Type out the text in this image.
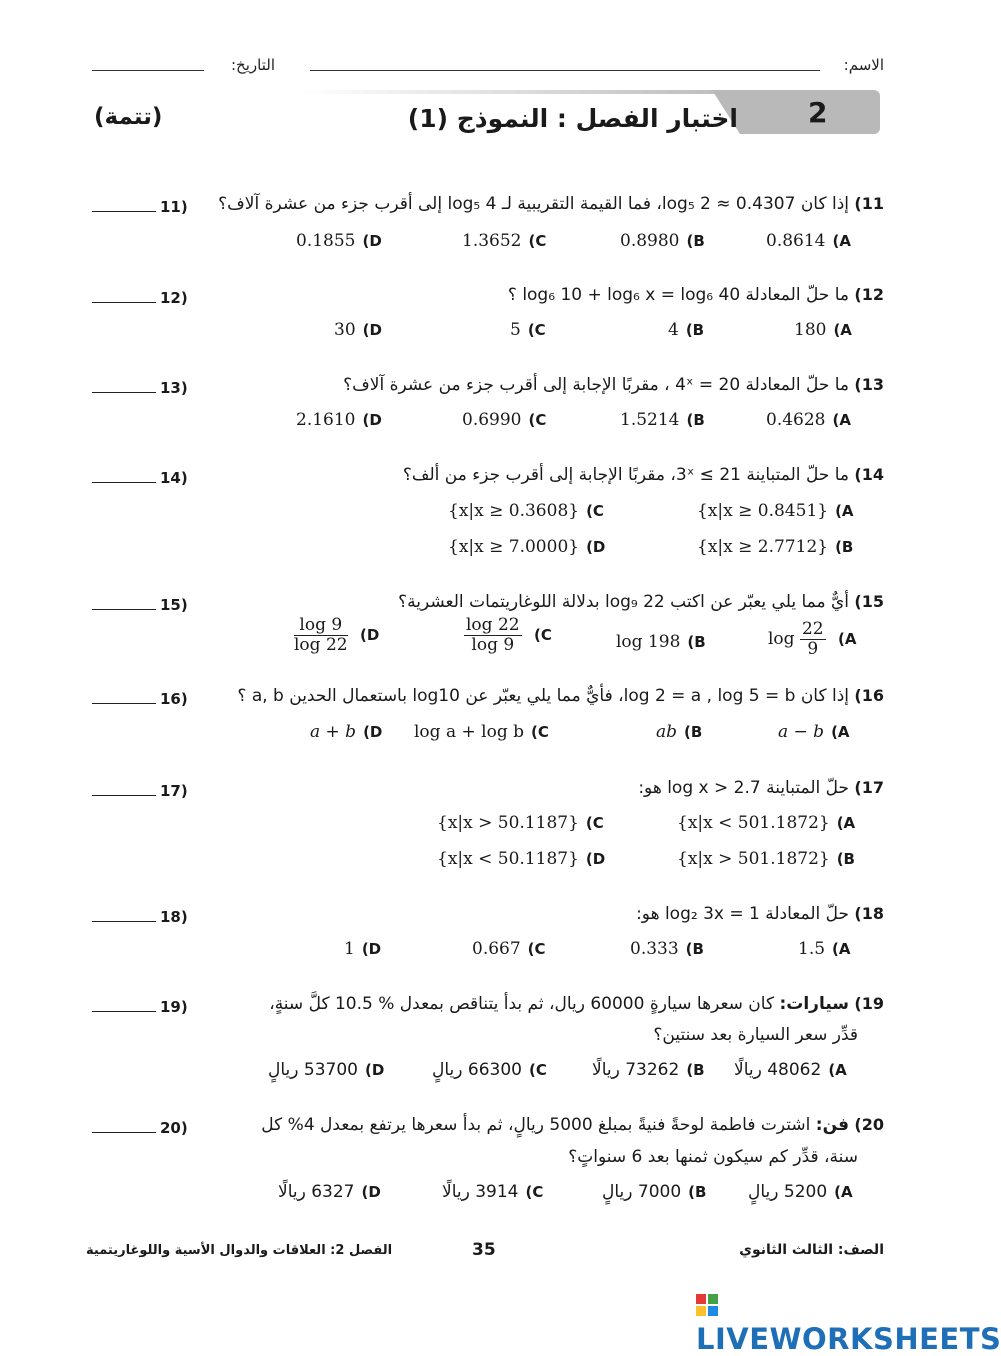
الاسم:
التاريخ:
2
اختبار الفصل : النموذج (1)
(تتمة)
11) إذا كان log₅ 2 ≈ 0.4307، فما القيمة التقريبية لـ log₅ 4 إلى أقرب جزء من عشرة آلاف؟
11)
0.8614 (A
0.8980 (B
1.3652 (C
0.1855 (D
12) ما حلّ المعادلة log₆ 10 + log₆ x = log₆ 40 ؟
12)
180 (A
4 (B
5 (C
30 (D
13) ما حلّ المعادلة 20 = 4ˣ ، مقربًا الإجابة إلى أقرب جزء من عشرة آلاف؟
13)
0.4628 (A
1.5214 (B
0.6990 (C
2.1610 (D
14) ما حلّ المتباينة 21 ≥ 3ˣ، مقربًا الإجابة إلى أقرب جزء من ألف؟
14)
{x|x ≥ 0.8451} (A
{x|x ≥ 0.3608} (C
{x|x ≥ 2.7712} (B
{x|x ≥ 7.0000} (D
15) أيٌّ مما يلي يعبّر عن اكتب log₉ 22 بدلالة اللوغاريتمات العشرية؟
15)
$\log \frac{22}{9} (A$
log 198 (B
$\frac{\log 22}{\log 9} (C$
$\frac{\log 9}{\log 22} (D$
16) إذا كان log 2 = a , log 5 = b، فأيٌّ مما يلي يعبّر عن log10 باستعمال الحدين a, b ؟
16)
a − b (A
ab (B
log a + log b (C
a + b (D
17) حلّ المتباينة log x > 2.7 هو:
17)
{x|x < 501.1872} (A
{x|x > 50.1187} (C
{x|x > 501.1872} (B
{x|x < 50.1187} (D
18) حلّ المعادلة log₂ 3x = 1 هو:
18)
1.5 (A
0.333 (B
0.667 (C
1 (D
19) سيارات: كان سعرها سيارةٍ 60000 ريال، ثم بدأ يتناقص بمعدل % 10.5 كلَّ سنةٍ،
قدِّر سعر السيارة بعد سنتين؟
19)
48062 ريالًا (A
73262 ريالًا (B
66300 ريالٍ (C
53700 ريالٍ (D
20) فن: اشترت فاطمة لوحةً فنيةً بمبلغ 5000 ريالٍ، ثم بدأ سعرها يرتفع بمعدل 4% كل
سنة، قدِّر كم سيكون ثمنها بعد 6 سنواتٍ؟
20)
5200 ريالٍ (A
7000 ريالٍ (B
3914 ريالًا (C
6327 ريالًا (D
الصف: الثالث الثانوي
35
الفصل 2: العلاقات والدوال الأسية واللوغاريتمية
LIVEWORKSHEETS
